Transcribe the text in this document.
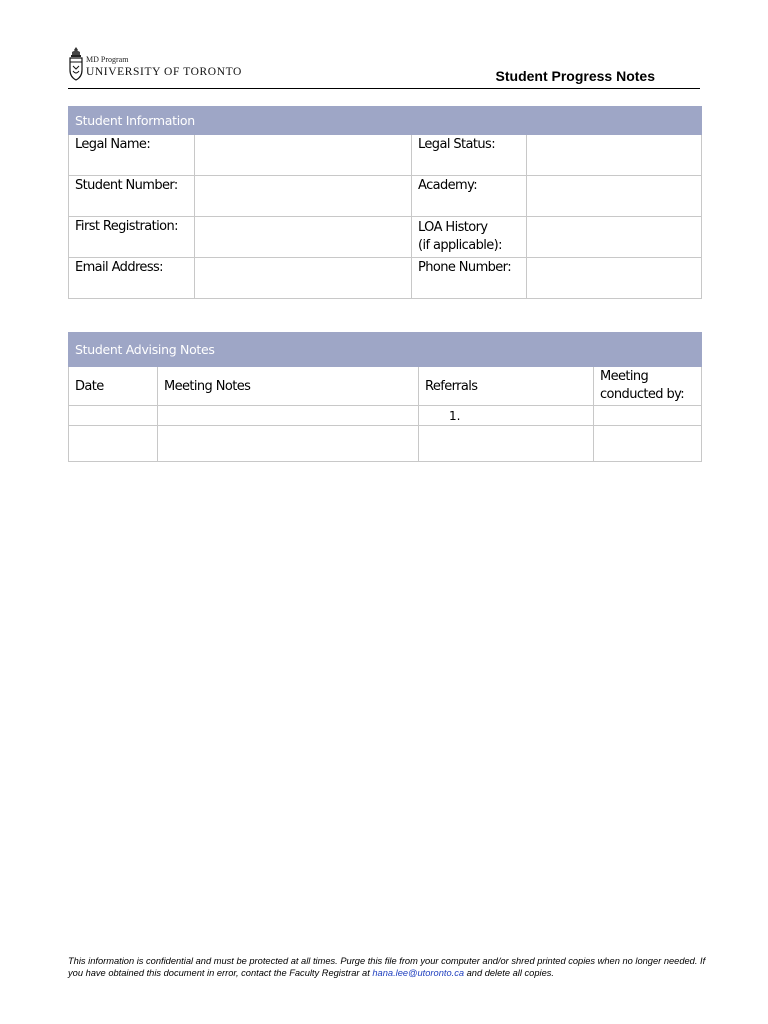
MD Program
UNIVERSITY OF TORONTO	Student Progress Notes
Student Information			
Legal Name:		Legal Status:	
Student Number:		Academy:	
First Registration:		LOA History
(if applicable):	

Email Address:		Phone Number:	
Student Advising Notes			
Date	Meeting Notes	Referrals	Meeting
conducted by:

		1.	

This information is confidential and must be protected at all times. Purge this file from your computer and/or shred printed copies when no longer needed. If you have obtained this document in error, contact the Faculty Registrar at hana.lee@utoronto.ca and delete all copies.
